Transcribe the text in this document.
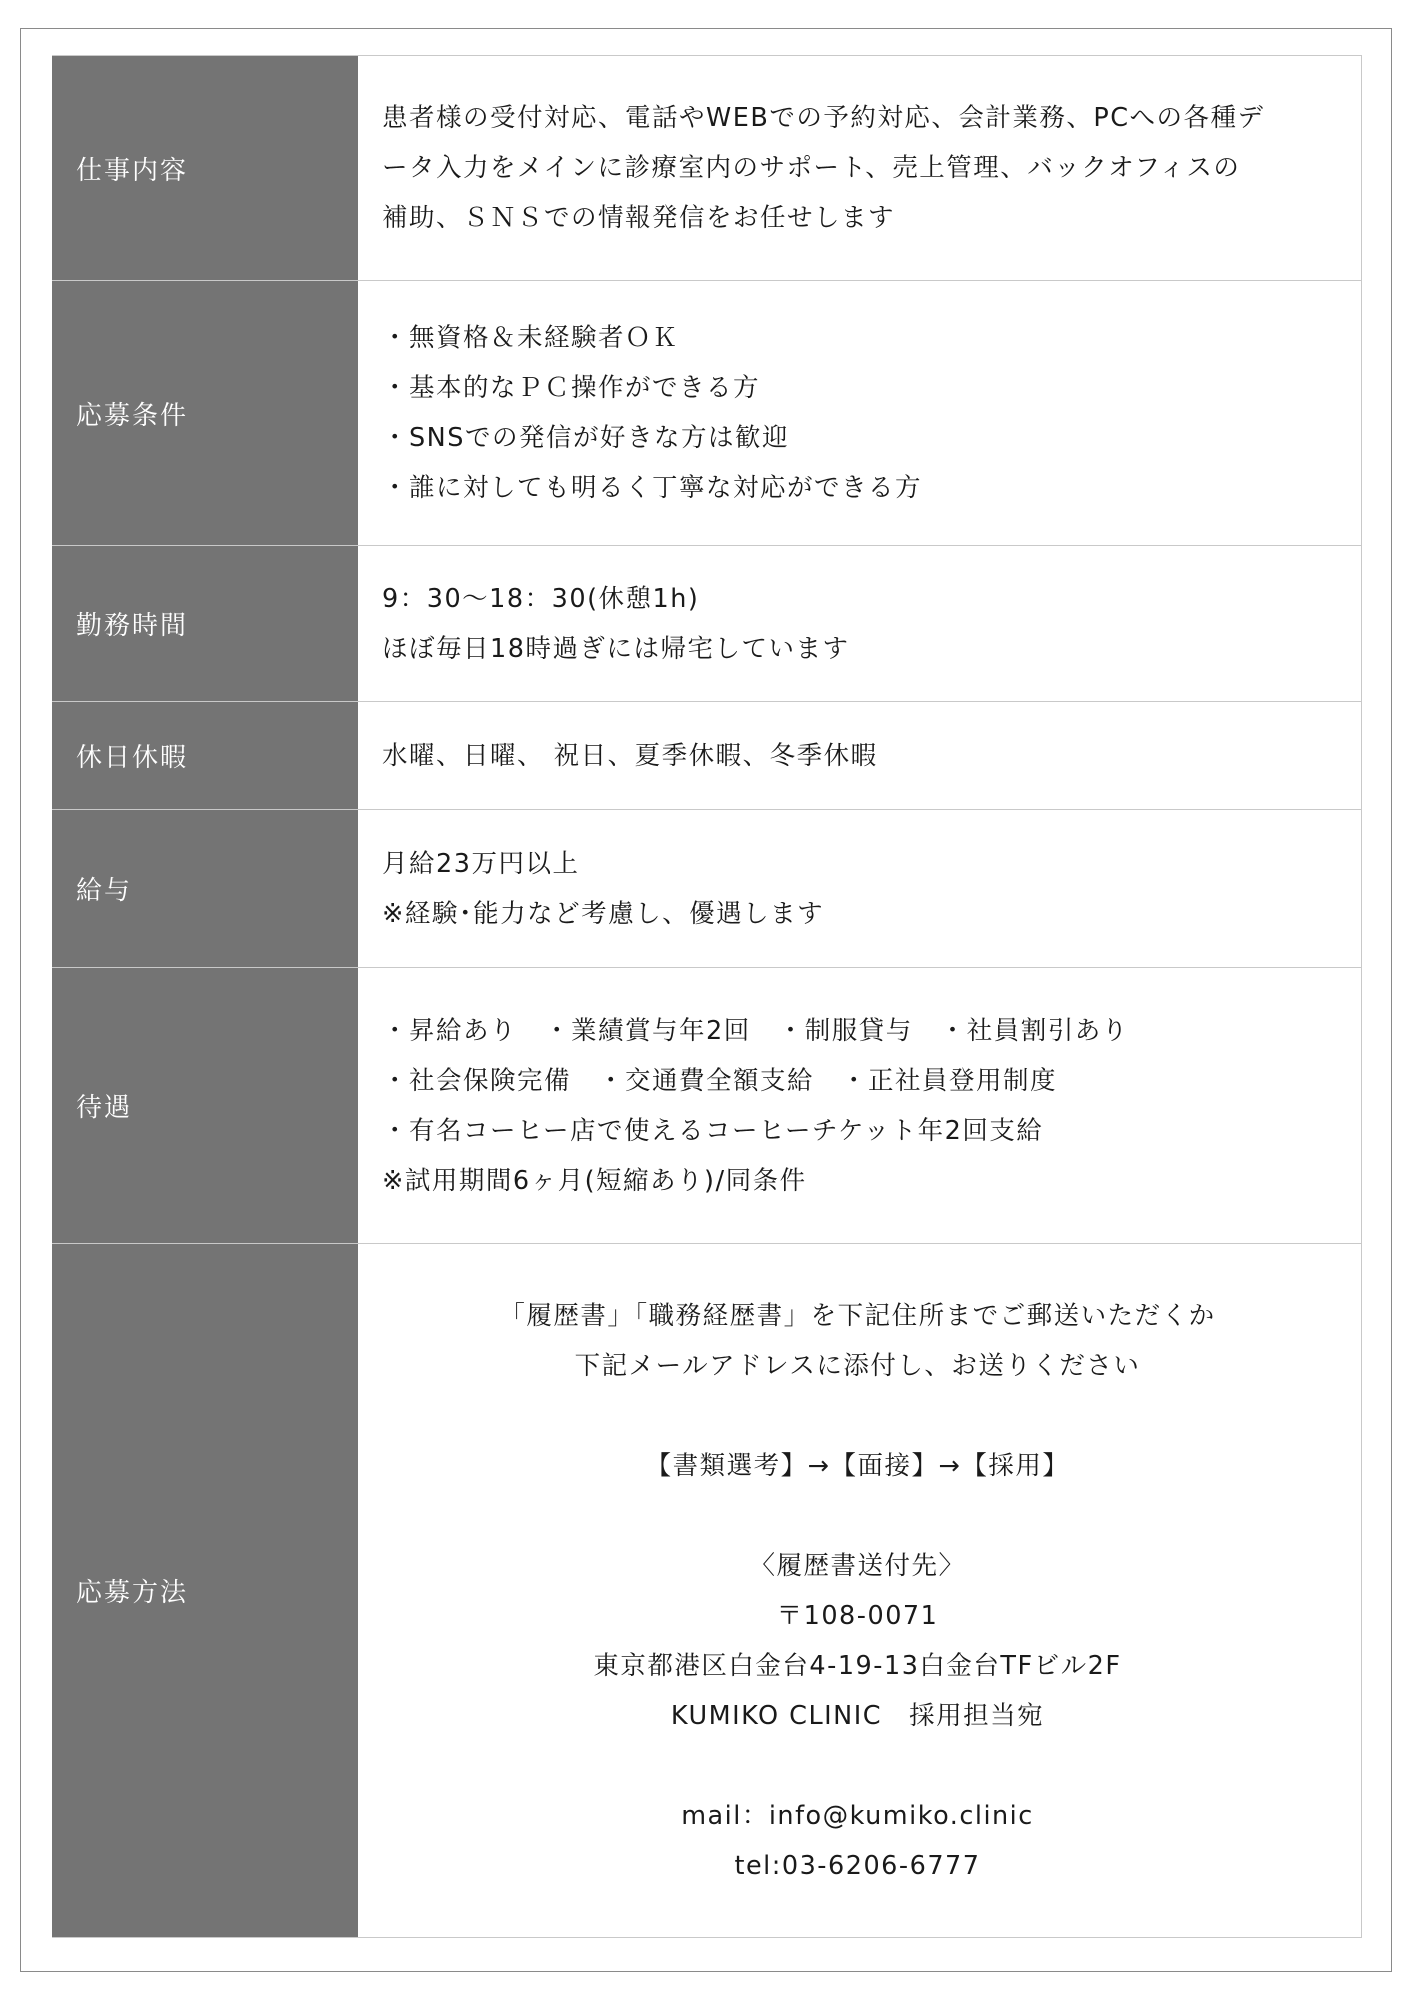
仕事内容
患者様の受付対応、電話やWEBでの予約対応、会計業務、PCへの各種デ
ータ入力をメインに診療室内のサポート、売上管理、バックオフィスの
補助、ＳＮＳでの情報発信をお任せします
応募条件
・無資格＆未経験者ＯＫ
・基本的なＰＣ操作ができる方
・SNSでの発信が好きな方は歓迎
・誰に対しても明るく丁寧な対応ができる方
勤務時間
9：30～18：30(休憩1h)
ほぼ毎日18時過ぎには帰宅しています
休日休暇	水曜、日曜、 祝日、夏季休暇、冬季休暇
給与
月給23万円以上
※経験･能力など考慮し、優遇します
待遇
・昇給あり　・業績賞与年2回　・制服貸与　・社員割引あり
・社会保険完備　・交通費全額支給　・正社員登用制度
・有名コーヒー店で使えるコーヒーチケット年2回支給
※試用期間6ヶ月(短縮あり)/同条件
応募方法
「履歴書」「職務経歴書」を下記住所までご郵送いただくか
下記メールアドレスに添付し、お送りください
【書類選考】→【面接】→【採用】
〈履歴書送付先〉
〒108-0071
東京都港区白金台4-19-13白金台TFビル2F
KUMIKO CLINIC　採用担当宛
mail：info@kumiko.clinic
tel:03-6206-6777
